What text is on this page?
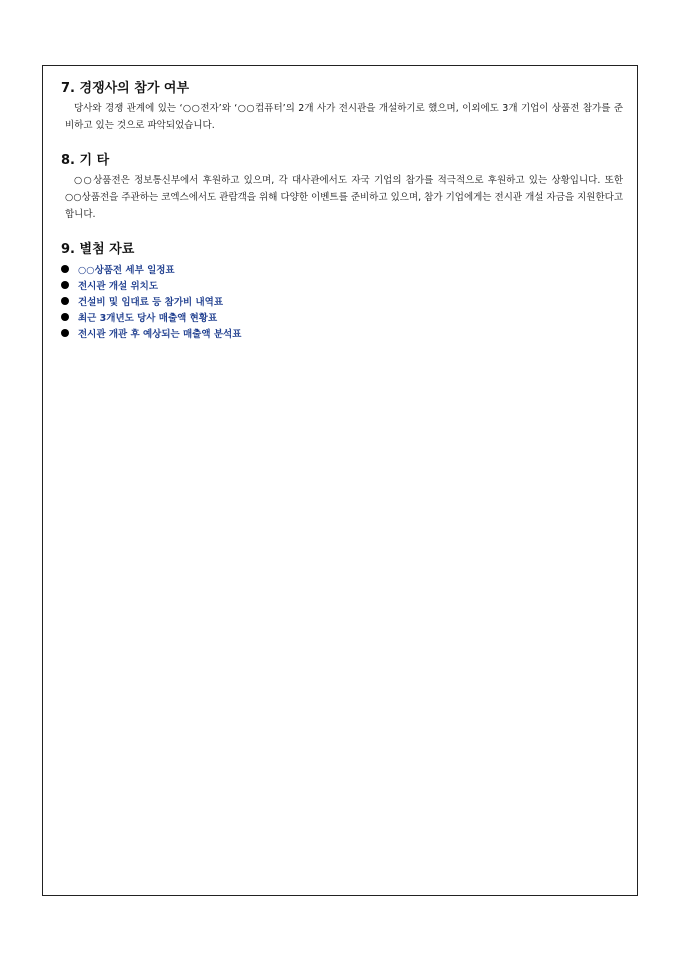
7. 경쟁사의 참가 여부

당사와 경쟁 관계에 있는 ‘○○전자’와 ‘○○컴퓨터’의 2개 사가 전시관을 개설하기로 했으며, 이외에도 3개 기업이 상품전 참가를 준비하고 있는 것으로 파악되었습니다.

8. 기 타

○○상품전은 정보통신부에서 후원하고 있으며, 각 대사관에서도 자국 기업의 참가를 적극적으로 후원하고 있는 상황입니다. 또한 ○○상품전을 주관하는 코엑스에서도 관람객을 위해 다양한 이벤트를 준비하고 있으며, 참가 기업에게는 전시관 개설 자금을 지원한다고 합니다.

9. 별첨 자료

○○상품전 세부 일정표
전시관 개설 위치도
건설비 및 임대료 등 참가비 내역표
최근 3개년도 당사 매출액 현황표
전시관 개관 후 예상되는 매출액 분석표
